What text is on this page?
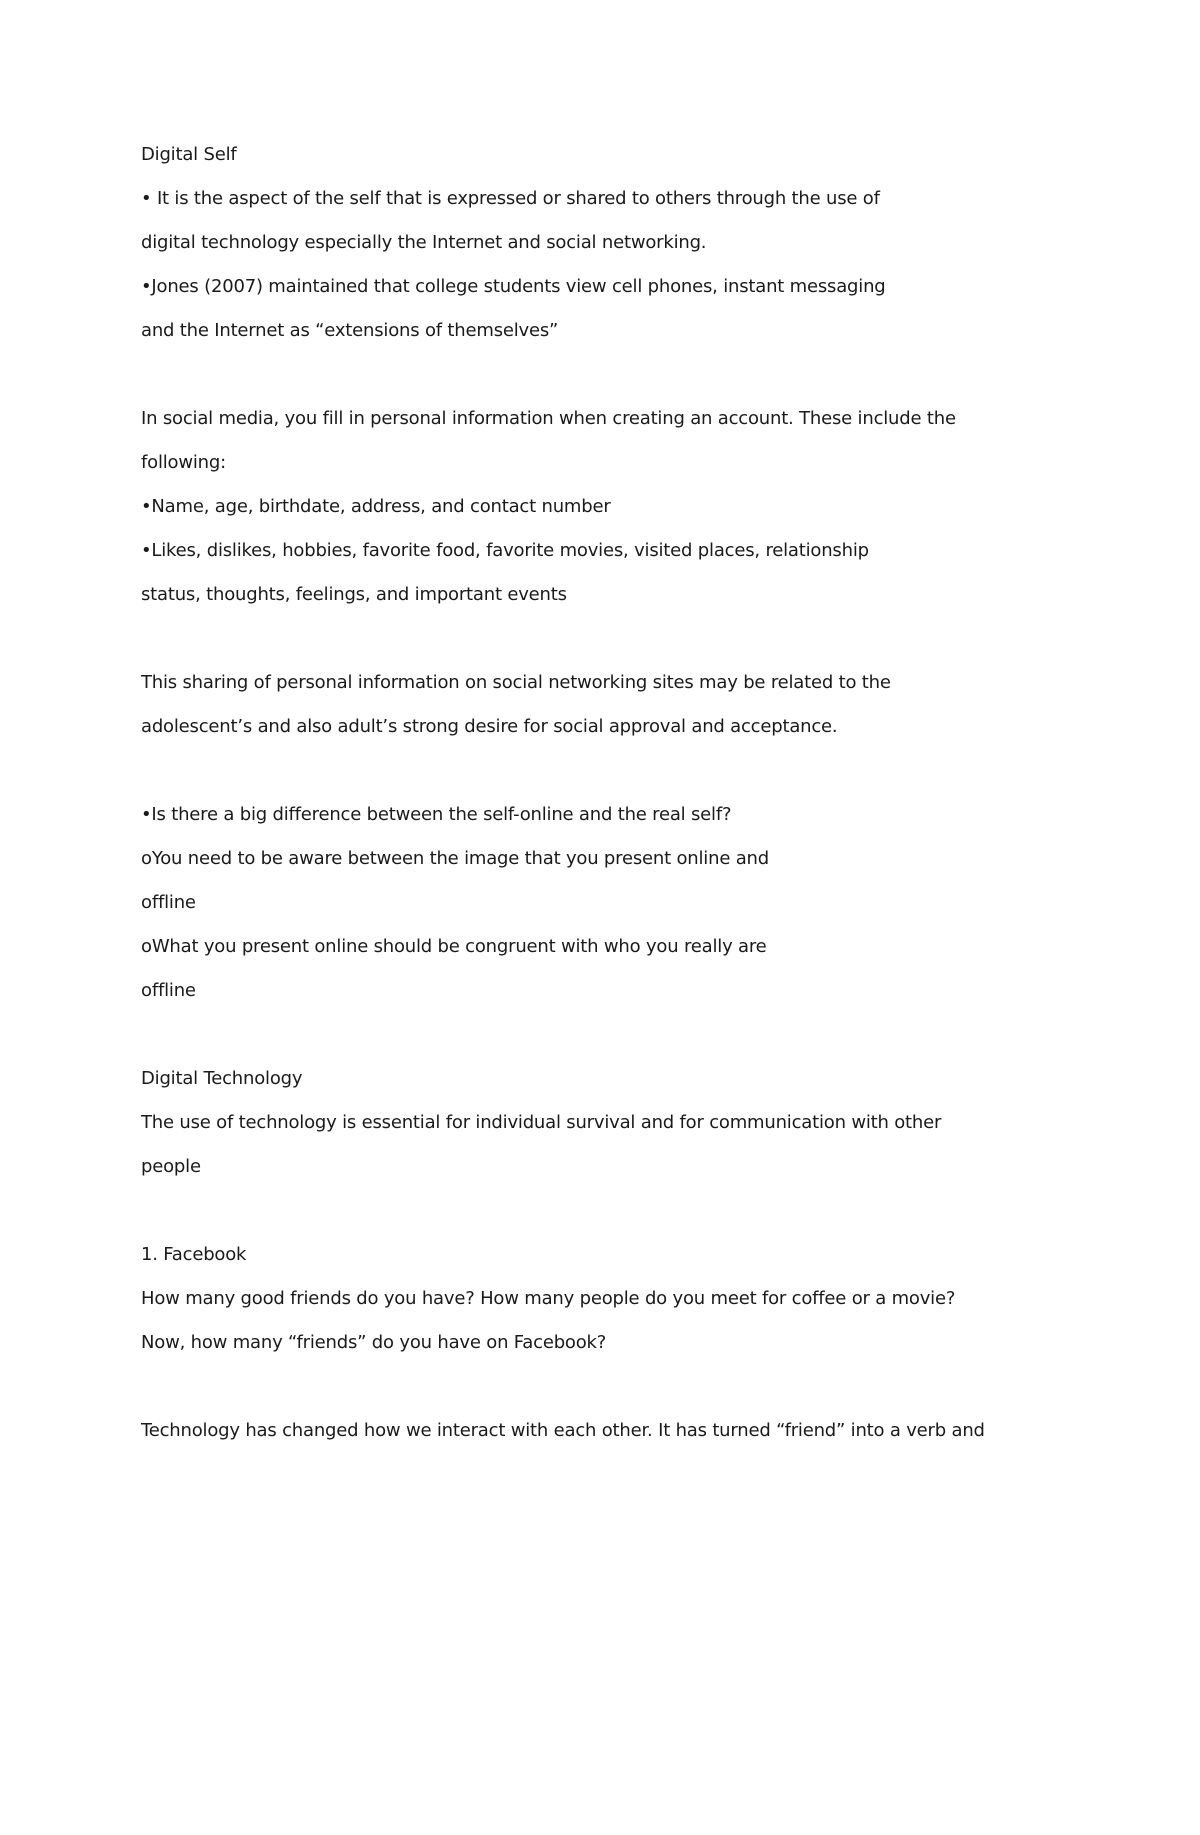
Digital Self

• It is the aspect of the self that is expressed or shared to others through the use of

digital technology especially the Internet and social networking.

•Jones (2007) maintained that college students view cell phones, instant messaging

and the Internet as “extensions of themselves”

In social media, you fill in personal information when creating an account. These include the

following:

•Name, age, birthdate, address, and contact number

•Likes, dislikes, hobbies, favorite food, favorite movies, visited places, relationship

status, thoughts, feelings, and important events

This sharing of personal information on social networking sites may be related to the

adolescent’s and also adult’s strong desire for social approval and acceptance.

•Is there a big difference between the self-online and the real self?

oYou need to be aware between the image that you present online and

offline

oWhat you present online should be congruent with who you really are

offline

Digital Technology

The use of technology is essential for individual survival and for communication with other

people

1. Facebook

How many good friends do you have? How many people do you meet for coffee or a movie?

Now, how many “friends” do you have on Facebook?

Technology has changed how we interact with each other. It has turned “friend” into a verb and
